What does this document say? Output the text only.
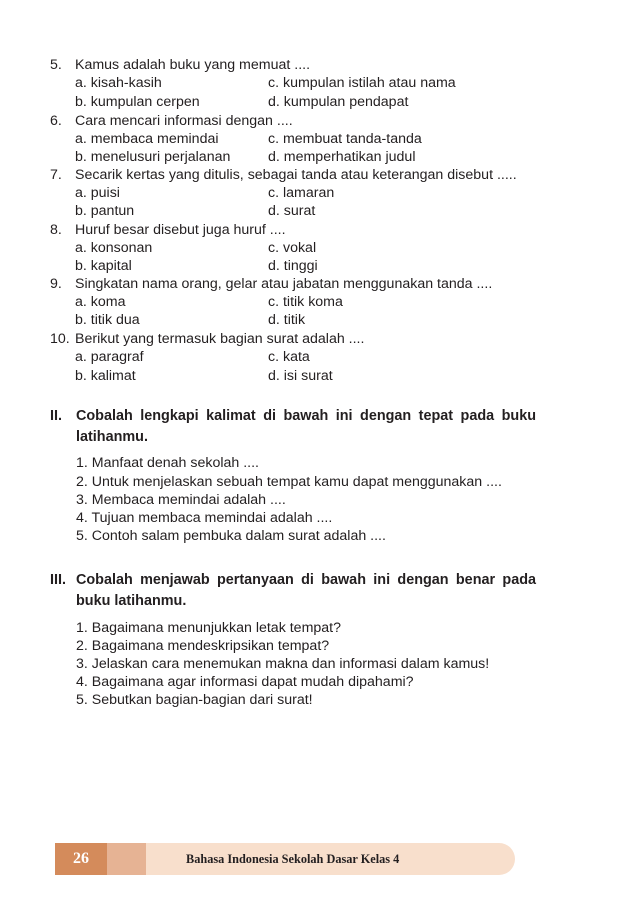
5. Kamus adalah buku yang memuat ....
a. kisah-kasih	c. kumpulan istilah atau nama
b. kumpulan cerpen	d. kumpulan pendapat
6. Cara mencari informasi dengan ....
a. membaca memindai	c. membuat tanda-tanda
b. menelusuri perjalanan	d. memperhatikan judul
7. Secarik kertas yang ditulis, sebagai tanda atau keterangan disebut .....
a. puisi	c. lamaran
b. pantun	d. surat
8. Huruf besar disebut juga huruf ....
a. konsonan	c. vokal
b. kapital	d. tinggi
9. Singkatan nama orang, gelar atau jabatan menggunakan tanda ....
a. koma	c. titik koma
b. titik dua	d. titik
10. Berikut yang termasuk bagian surat adalah ....
a. paragraf	c. kata
b. kalimat	d. isi surat
II. Cobalah lengkapi kalimat di bawah ini dengan tepat pada buku latihanmu.
1. Manfaat denah sekolah ....
2. Untuk menjelaskan sebuah tempat kamu dapat menggunakan ....
3. Membaca memindai adalah ....
4. Tujuan membaca memindai adalah ....
5. Contoh salam pembuka dalam surat adalah ....
III. Cobalah menjawab pertanyaan di bawah ini dengan benar pada buku latihanmu.
1. Bagaimana menunjukkan letak tempat?
2. Bagaimana mendeskripsikan tempat?
3. Jelaskan cara menemukan makna dan informasi dalam kamus!
4. Bagaimana agar informasi dapat mudah dipahami?
5. Sebutkan bagian-bagian dari surat!
26	Bahasa Indonesia Sekolah Dasar Kelas 4
